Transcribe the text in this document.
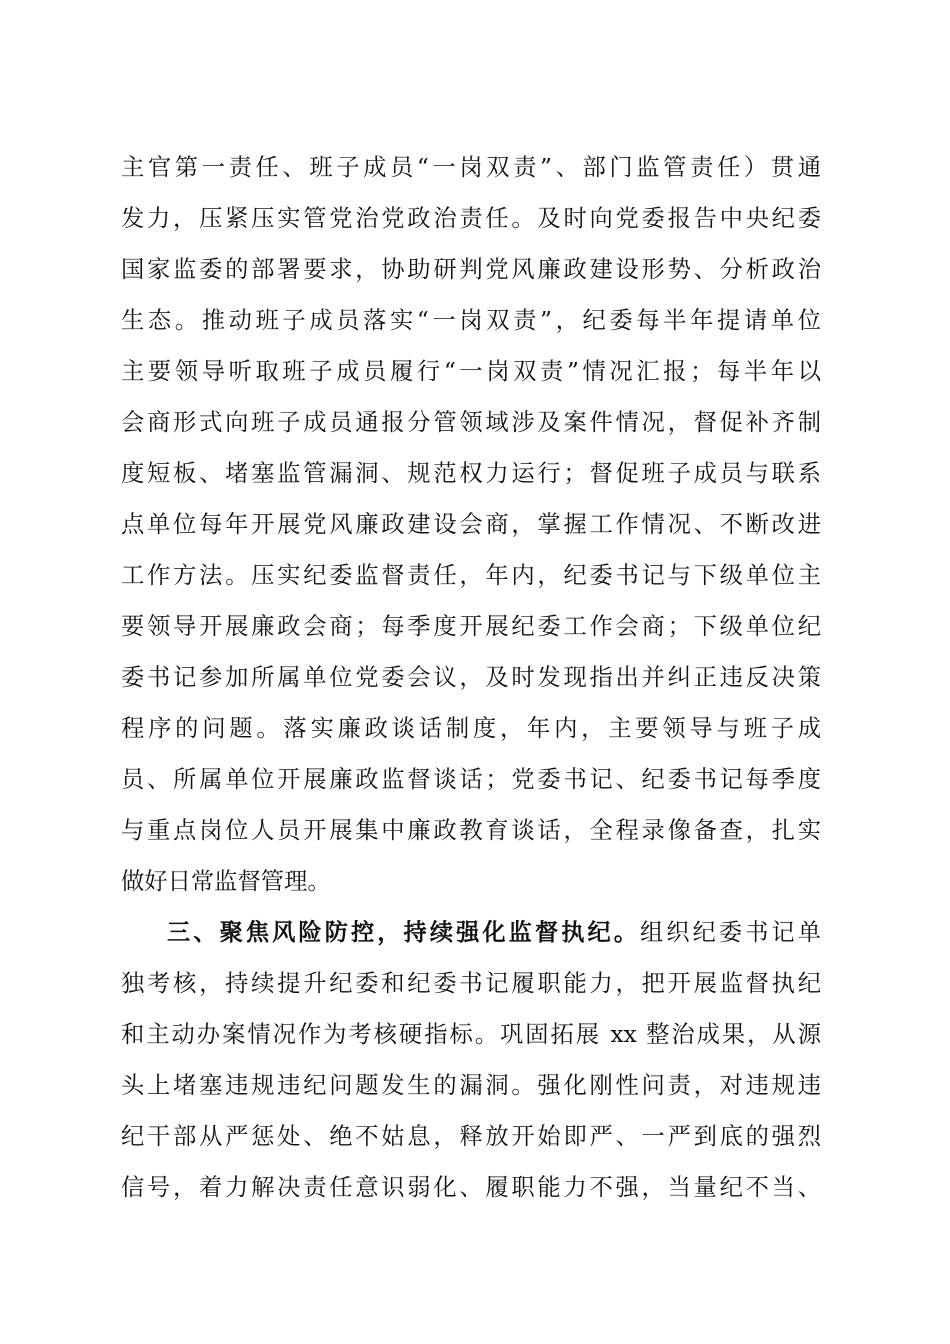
主官第一责任、班子成员“一岗双责”、部门监管责任）贯通
发力，压紧压实管党治党政治责任。及时向党委报告中央纪委
国家监委的部署要求，协助研判党风廉政建设形势、分析政治
生态。推动班子成员落实“一岗双责”，纪委每半年提请单位
主要领导听取班子成员履行“一岗双责”情况汇报；每半年以
会商形式向班子成员通报分管领域涉及案件情况，督促补齐制
度短板、堵塞监管漏洞、规范权力运行；督促班子成员与联系
点单位每年开展党风廉政建设会商，掌握工作情况、不断改进
工作方法。压实纪委监督责任，年内，纪委书记与下级单位主
要领导开展廉政会商；每季度开展纪委工作会商；下级单位纪
委书记参加所属单位党委会议，及时发现指出并纠正违反决策
程序的问题。落实廉政谈话制度，年内，主要领导与班子成
员、所属单位开展廉政监督谈话；党委书记、纪委书记每季度
与重点岗位人员开展集中廉政教育谈话，全程录像备查，扎实
做好日常监督管理。
三、聚焦风险防控，持续强化监督执纪。组织纪委书记单
独考核，持续提升纪委和纪委书记履职能力，把开展监督执纪
和主动办案情况作为考核硬指标。巩固拓展 xx 整治成果，从源
头上堵塞违规违纪问题发生的漏洞。强化刚性问责，对违规违
纪干部从严惩处、绝不姑息，释放开始即严、一严到底的强烈
信号，着力解决责任意识弱化、履职能力不强，当量纪不当、
